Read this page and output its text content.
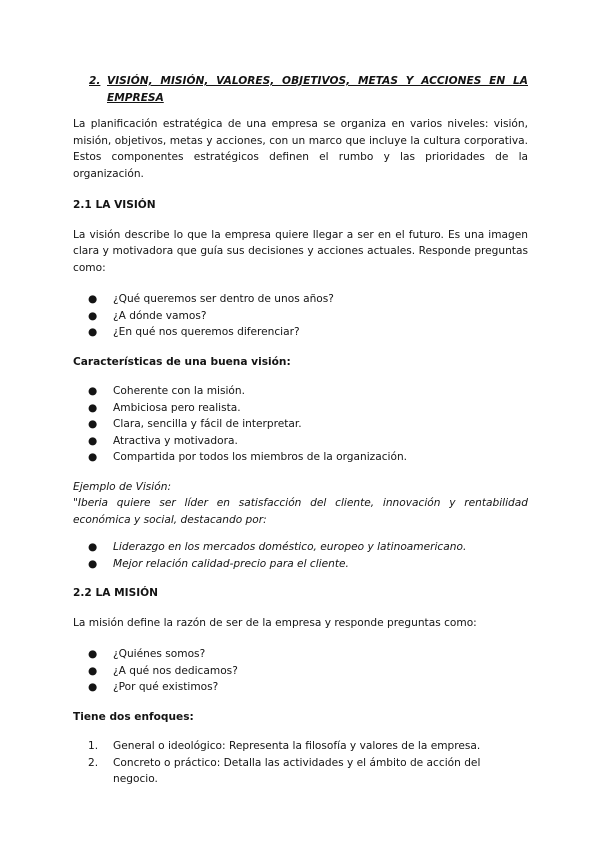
2. VISIÓN, MISIÓN, VALORES, OBJETIVOS, METAS Y ACCIONES EN LA EMPRESA

La planificación estratégica de una empresa se organiza en varios niveles: visión, misión, objetivos, metas y acciones, con un marco que incluye la cultura corporativa. Estos componentes estratégicos definen el rumbo y las prioridades de la organización.

2.1 LA VISIÓN

La visión describe lo que la empresa quiere llegar a ser en el futuro. Es una imagen clara y motivadora que guía sus decisiones y acciones actuales. Responde preguntas como:

● ¿Qué queremos ser dentro de unos años?
● ¿A dónde vamos?
● ¿En qué nos queremos diferenciar?
Características de una buena visión:
● Coherente con la misión.
● Ambiciosa pero realista.
● Clara, sencilla y fácil de interpretar.
● Atractiva y motivadora.
● Compartida por todos los miembros de la organización.
Ejemplo de Visión:
"Iberia quiere ser líder en satisfacción del cliente, innovación y rentabilidad económica y social, destacando por:
● Liderazgo en los mercados doméstico, europeo y latinoamericano.
● Mejor relación calidad-precio para el cliente.
2.2 LA MISIÓN

La misión define la razón de ser de la empresa y responde preguntas como:

● ¿Quiénes somos?
● ¿A qué nos dedicamos?
● ¿Por qué existimos?
Tiene dos enfoques:
1. General o ideológico: Representa la filosofía y valores de la empresa.
2. Concreto o práctico: Detalla las actividades y el ámbito de acción del negocio.
